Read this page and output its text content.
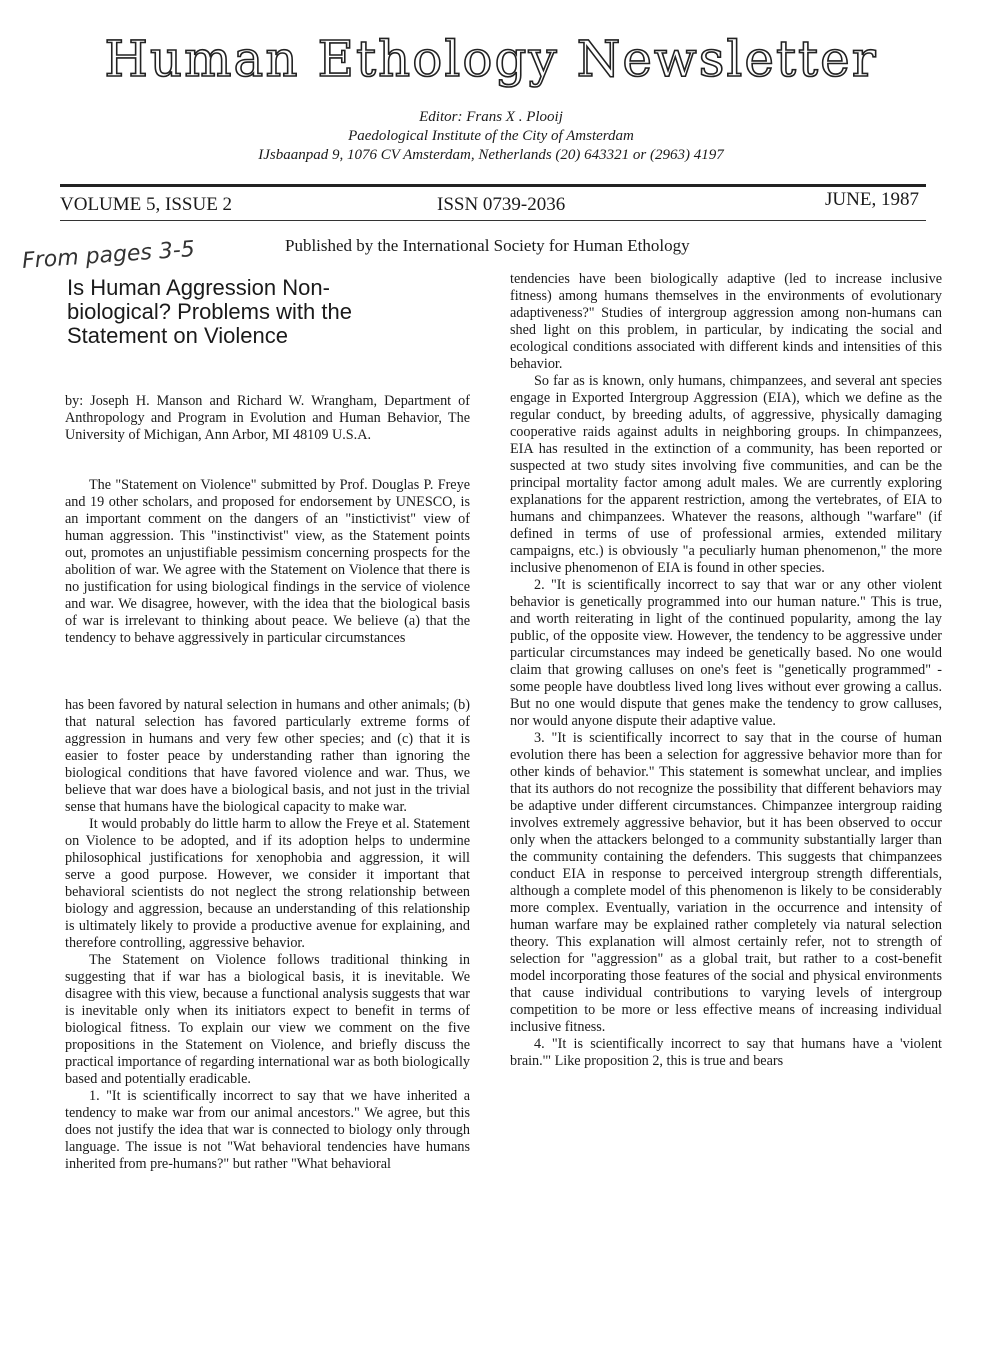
Human Ethology Newsletter
Editor: Frans X . Plooij
Paedological Institute of the City of Amsterdam
IJsbaanpad 9, 1076 CV Amsterdam, Netherlands (20) 643321 or (2963) 4197
VOLUME 5, ISSUE 2	ISSN 0739-2036	JUNE, 1987
From pages 3-5	Published by the International Society for Human Ethology
Is Human Aggression Non-biological? Problems with the Statement on Violence

by: Joseph H. Manson and Richard W. Wrangham, Department of Anthropology and Program in Evolution and Human Behavior, The University of Michigan, Ann Arbor, MI 48109 U.S.A.

The "Statement on Violence" submitted by Prof. Douglas P. Freye and 19 other scholars, and proposed for endorsement by UNESCO, is an important comment on the dangers of an "instictivist" view of human aggression. This "instinctivist" view, as the Statement points out, promotes an unjustifiable pessimism concerning prospects for the abolition of war. We agree with the Statement on Violence that there is no justification for using biological findings in the service of violence and war. We disagree, however, with the idea that the biological basis of war is irrelevant to thinking about peace. We believe (a) that the tendency to behave aggressively in particular circumstances

has been favored by natural selection in humans and other animals; (b) that natural selection has favored particularly extreme forms of aggression in humans and very few other species; and (c) that it is easier to foster peace by understanding rather than ignoring the biological conditions that have favored violence and war. Thus, we believe that war does have a biological basis, and not just in the trivial sense that humans have the biological capacity to make war.

It would probably do little harm to allow the Freye et al. Statement on Violence to be adopted, and if its adoption helps to undermine philosophical justifications for xenophobia and aggression, it will serve a good purpose. However, we consider it important that behavioral scientists do not neglect the strong relationship between biology and aggression, because an understanding of this relationship is ultimately likely to provide a productive avenue for explaining, and therefore controlling, aggressive behavior.

The Statement on Violence follows traditional thinking in suggesting that if war has a biological basis, it is inevitable. We disagree with this view, because a functional analysis suggests that war is inevitable only when its initiators expect to benefit in terms of biological fitness. To explain our view we comment on the five propositions in the Statement on Violence, and briefly discuss the practical importance of regarding international war as both biologically based and potentially eradicable.

1. "It is scientifically incorrect to say that we have inherited a tendency to make war from our animal ancestors." We agree, but this does not justify the idea that war is connected to biology only through language. The issue is not "Wat behavioral tendencies have humans inherited from pre-humans?" but rather "What behavioral

tendencies have been biologically adaptive (led to increase inclusive fitness) among humans themselves in the environments of evolutionary adaptiveness?" Studies of intergroup aggression among non-humans can shed light on this problem, in particular, by indicating the social and ecological conditions associated with different kinds and intensities of this behavior.

So far as is known, only humans, chimpanzees, and several ant species engage in Exported Intergroup Aggression (EIA), which we define as the regular conduct, by breeding adults, of aggressive, physically damaging cooperative raids against adults in neighboring groups. In chimpanzees, EIA has resulted in the extinction of a community, has been reported or suspected at two study sites involving five communities, and can be the principal mortality factor among adult males. We are currently exploring explanations for the apparent restriction, among the vertebrates, of EIA to humans and chimpanzees. Whatever the reasons, although "warfare" (if defined in terms of use of professional armies, extended military campaigns, etc.) is obviously "a peculiarly human phenomenon," the more inclusive phenomenon of EIA is found in other species.

2. "It is scientifically incorrect to say that war or any other violent behavior is genetically programmed into our human nature." This is true, and worth reiterating in light of the continued popularity, among the lay public, of the opposite view. However, the tendency to be aggressive under particular circumstances may indeed be genetically based. No one would claim that growing calluses on one's feet is "genetically programmed" - some people have doubtless lived long lives without ever growing a callus. But no one would dispute that genes make the tendency to grow calluses, nor would anyone dispute their adaptive value.

3. "It is scientifically incorrect to say that in the course of human evolution there has been a selection for aggressive behavior more than for other kinds of behavior." This statement is somewhat unclear, and implies that its authors do not recognize the possibility that different behaviors may be adaptive under different circumstances. Chimpanzee intergroup raiding involves extremely aggressive behavior, but it has been observed to occur only when the attackers belonged to a community substantially larger than the community containing the defenders. This suggests that chimpanzees conduct EIA in response to perceived intergroup strength differentials, although a complete model of this phenomenon is likely to be considerably more complex. Eventually, variation in the occurrence and intensity of human warfare may be explained rather completely via natural selection theory. This explanation will almost certainly refer, not to strength of selection for "aggression" as a global trait, but rather to a cost-benefit model incorporating those features of the social and physical environments that cause individual contributions to varying levels of intergroup competition to be more or less effective means of increasing individual inclusive fitness.

4. "It is scientifically incorrect to say that humans have a 'violent brain.'" Like proposition 2, this is true and bears
